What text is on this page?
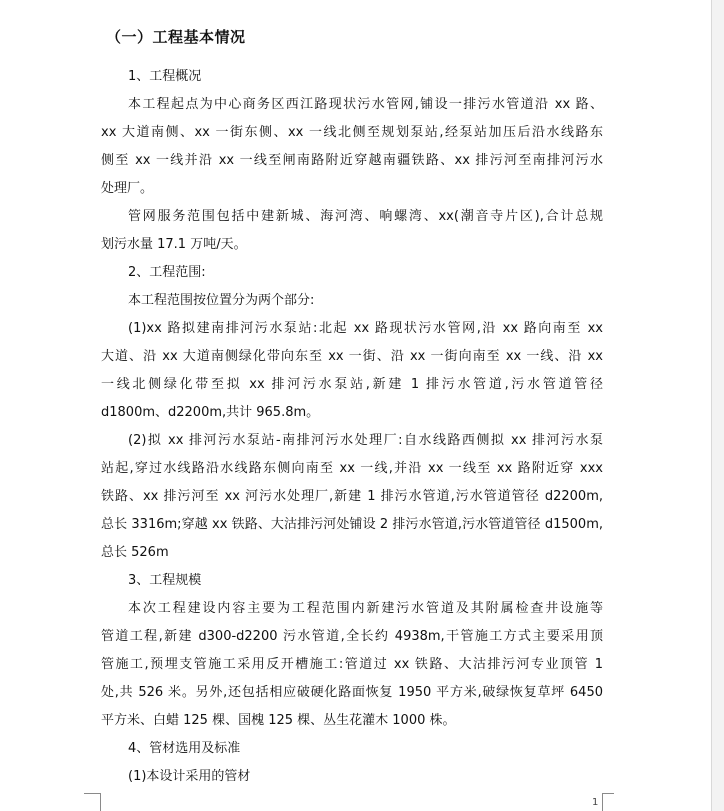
（一）工程基本情况
1、工程概况
本工程起点为中心商务区西江路现状污水管网,铺设一排污水管道沿 xx 路、
xx 大道南侧、xx 一街东侧、xx 一线北侧至规划泵站,经泵站加压后沿水线路东
侧至 xx 一线并沿 xx 一线至闸南路附近穿越南疆铁路、xx 排污河至南排河污水
处理厂。
管网服务范围包括中建新城、海河湾、响螺湾、xx(潮音寺片区),合计总规
划污水量 17.1 万吨/天。
2、工程范围:
本工程范围按位置分为两个部分:
(1)xx 路拟建南排河污水泵站:北起 xx 路现状污水管网,沿 xx 路向南至 xx
大道、沿 xx 大道南侧绿化带向东至 xx 一街、沿 xx 一街向南至 xx 一线、沿 xx
一线北侧绿化带至拟 xx 排河污水泵站,新建 1 排污水管道,污水管道管径
d1800m、d2200m,共计 965.8m。
(2)拟 xx 排河污水泵站-南排河污水处理厂:自水线路西侧拟 xx 排河污水泵
站起,穿过水线路沿水线路东侧向南至 xx 一线,并沿 xx 一线至 xx 路附近穿 xxx
铁路、xx 排污河至 xx 河污水处理厂,新建 1 排污水管道,污水管道管径 d2200m,
总长 3316m;穿越 xx 铁路、大沽排污河处铺设 2 排污水管道,污水管道管径 d1500m,
总长 526m
3、工程规模
本次工程建设内容主要为工程范围内新建污水管道及其附属检查井设施等
管道工程,新建 d300-d2200 污水管道,全长约 4938m,干管施工方式主要采用顶
管施工,预埋支管施工采用反开槽施工:管道过 xx 铁路、大沽排污河专业顶管 1
处,共 526 米。另外,还包括相应破硬化路面恢复 1950 平方米,破绿恢复草坪 6450
平方米、白蜡 125 棵、国槐 125 棵、丛生花灌木 1000 株。
4、管材选用及标准
(1)本设计采用的管材
1
